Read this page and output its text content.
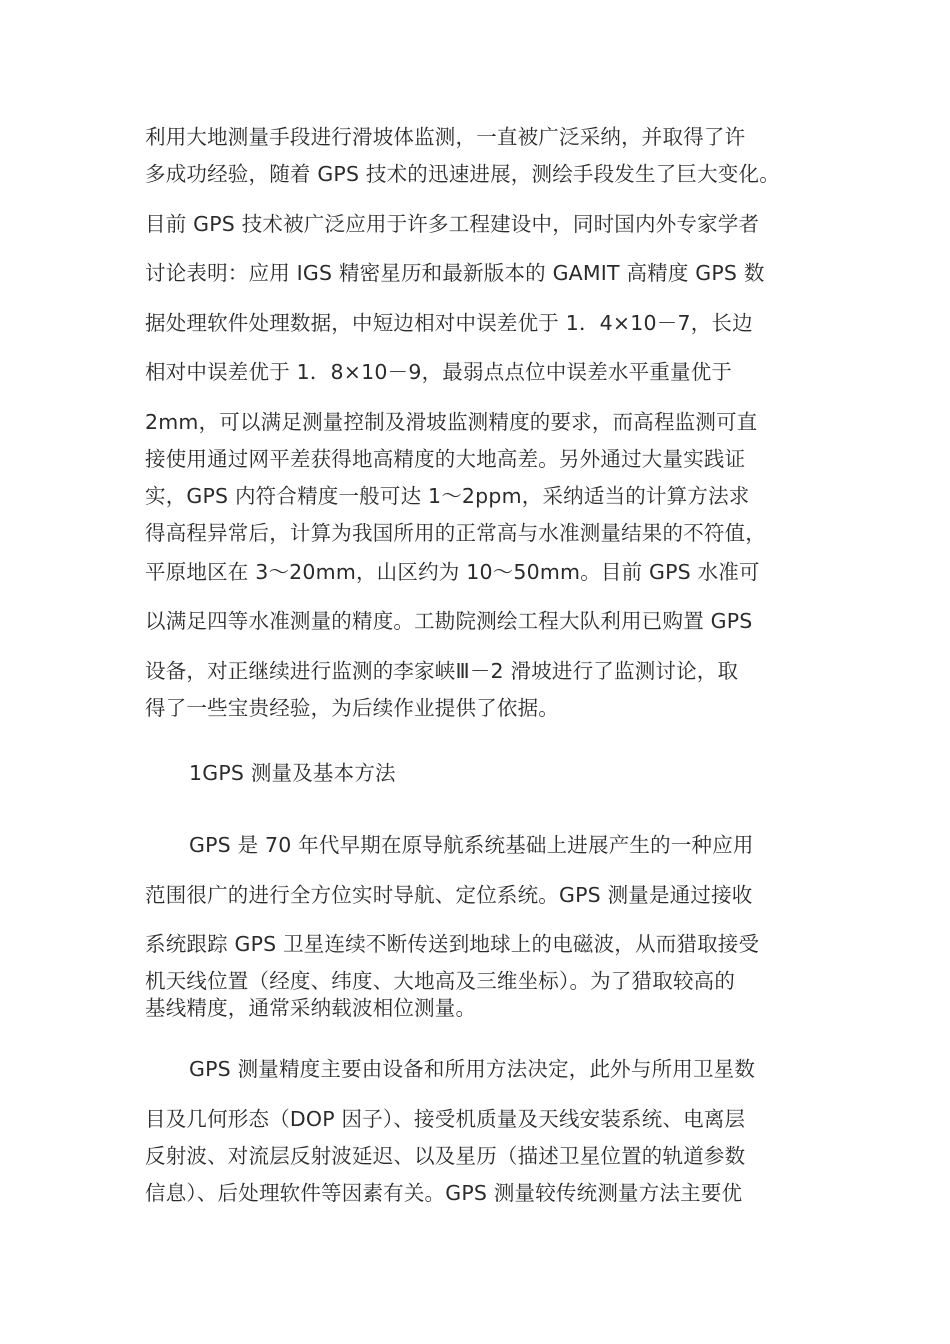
利用大地测量手段进行滑坡体监测，一直被广泛采纳，并取得了许
多成功经验，随着 GPS 技术的迅速进展，测绘手段发生了巨大变化。
目前 GPS 技术被广泛应用于许多工程建设中，同时国内外专家学者
讨论表明：应用 IGS 精密星历和最新版本的 GAMIT 高精度 GPS 数
据处理软件处理数据，中短边相对中误差优于 1．4×10－7，长边
相对中误差优于 1．8×10－9，最弱点点位中误差水平重量优于
2mm，可以满足测量控制及滑坡监测精度的要求，而高程监测可直
接使用通过网平差获得地高精度的大地高差。另外通过大量实践证
实，GPS 内符合精度一般可达 1～2ppm，采纳适当的计算方法求
得高程异常后，计算为我国所用的正常高与水准测量结果的不符值，
平原地区在 3～20mm，山区约为 10～50mm。目前 GPS 水准可
以满足四等水准测量的精度。工勘院测绘工程大队利用已购置 GPS
设备，对正继续进行监测的李家峡Ⅲ－2 滑坡进行了监测讨论，取
得了一些宝贵经验，为后续作业提供了依据。
1GPS 测量及基本方法
GPS 是 70 年代早期在原导航系统基础上进展产生的一种应用
范围很广的进行全方位实时导航、定位系统。GPS 测量是通过接收
系统跟踪 GPS 卫星连续不断传送到地球上的电磁波，从而猎取接受
机天线位置（经度、纬度、大地高及三维坐标）。为了猎取较高的
基线精度，通常采纳载波相位测量。
GPS 测量精度主要由设备和所用方法决定，此外与所用卫星数
目及几何形态（DOP 因子）、接受机质量及天线安装系统、电离层
反射波、对流层反射波延迟、以及星历（描述卫星位置的轨道参数
信息）、后处理软件等因素有关。GPS 测量较传统测量方法主要优
